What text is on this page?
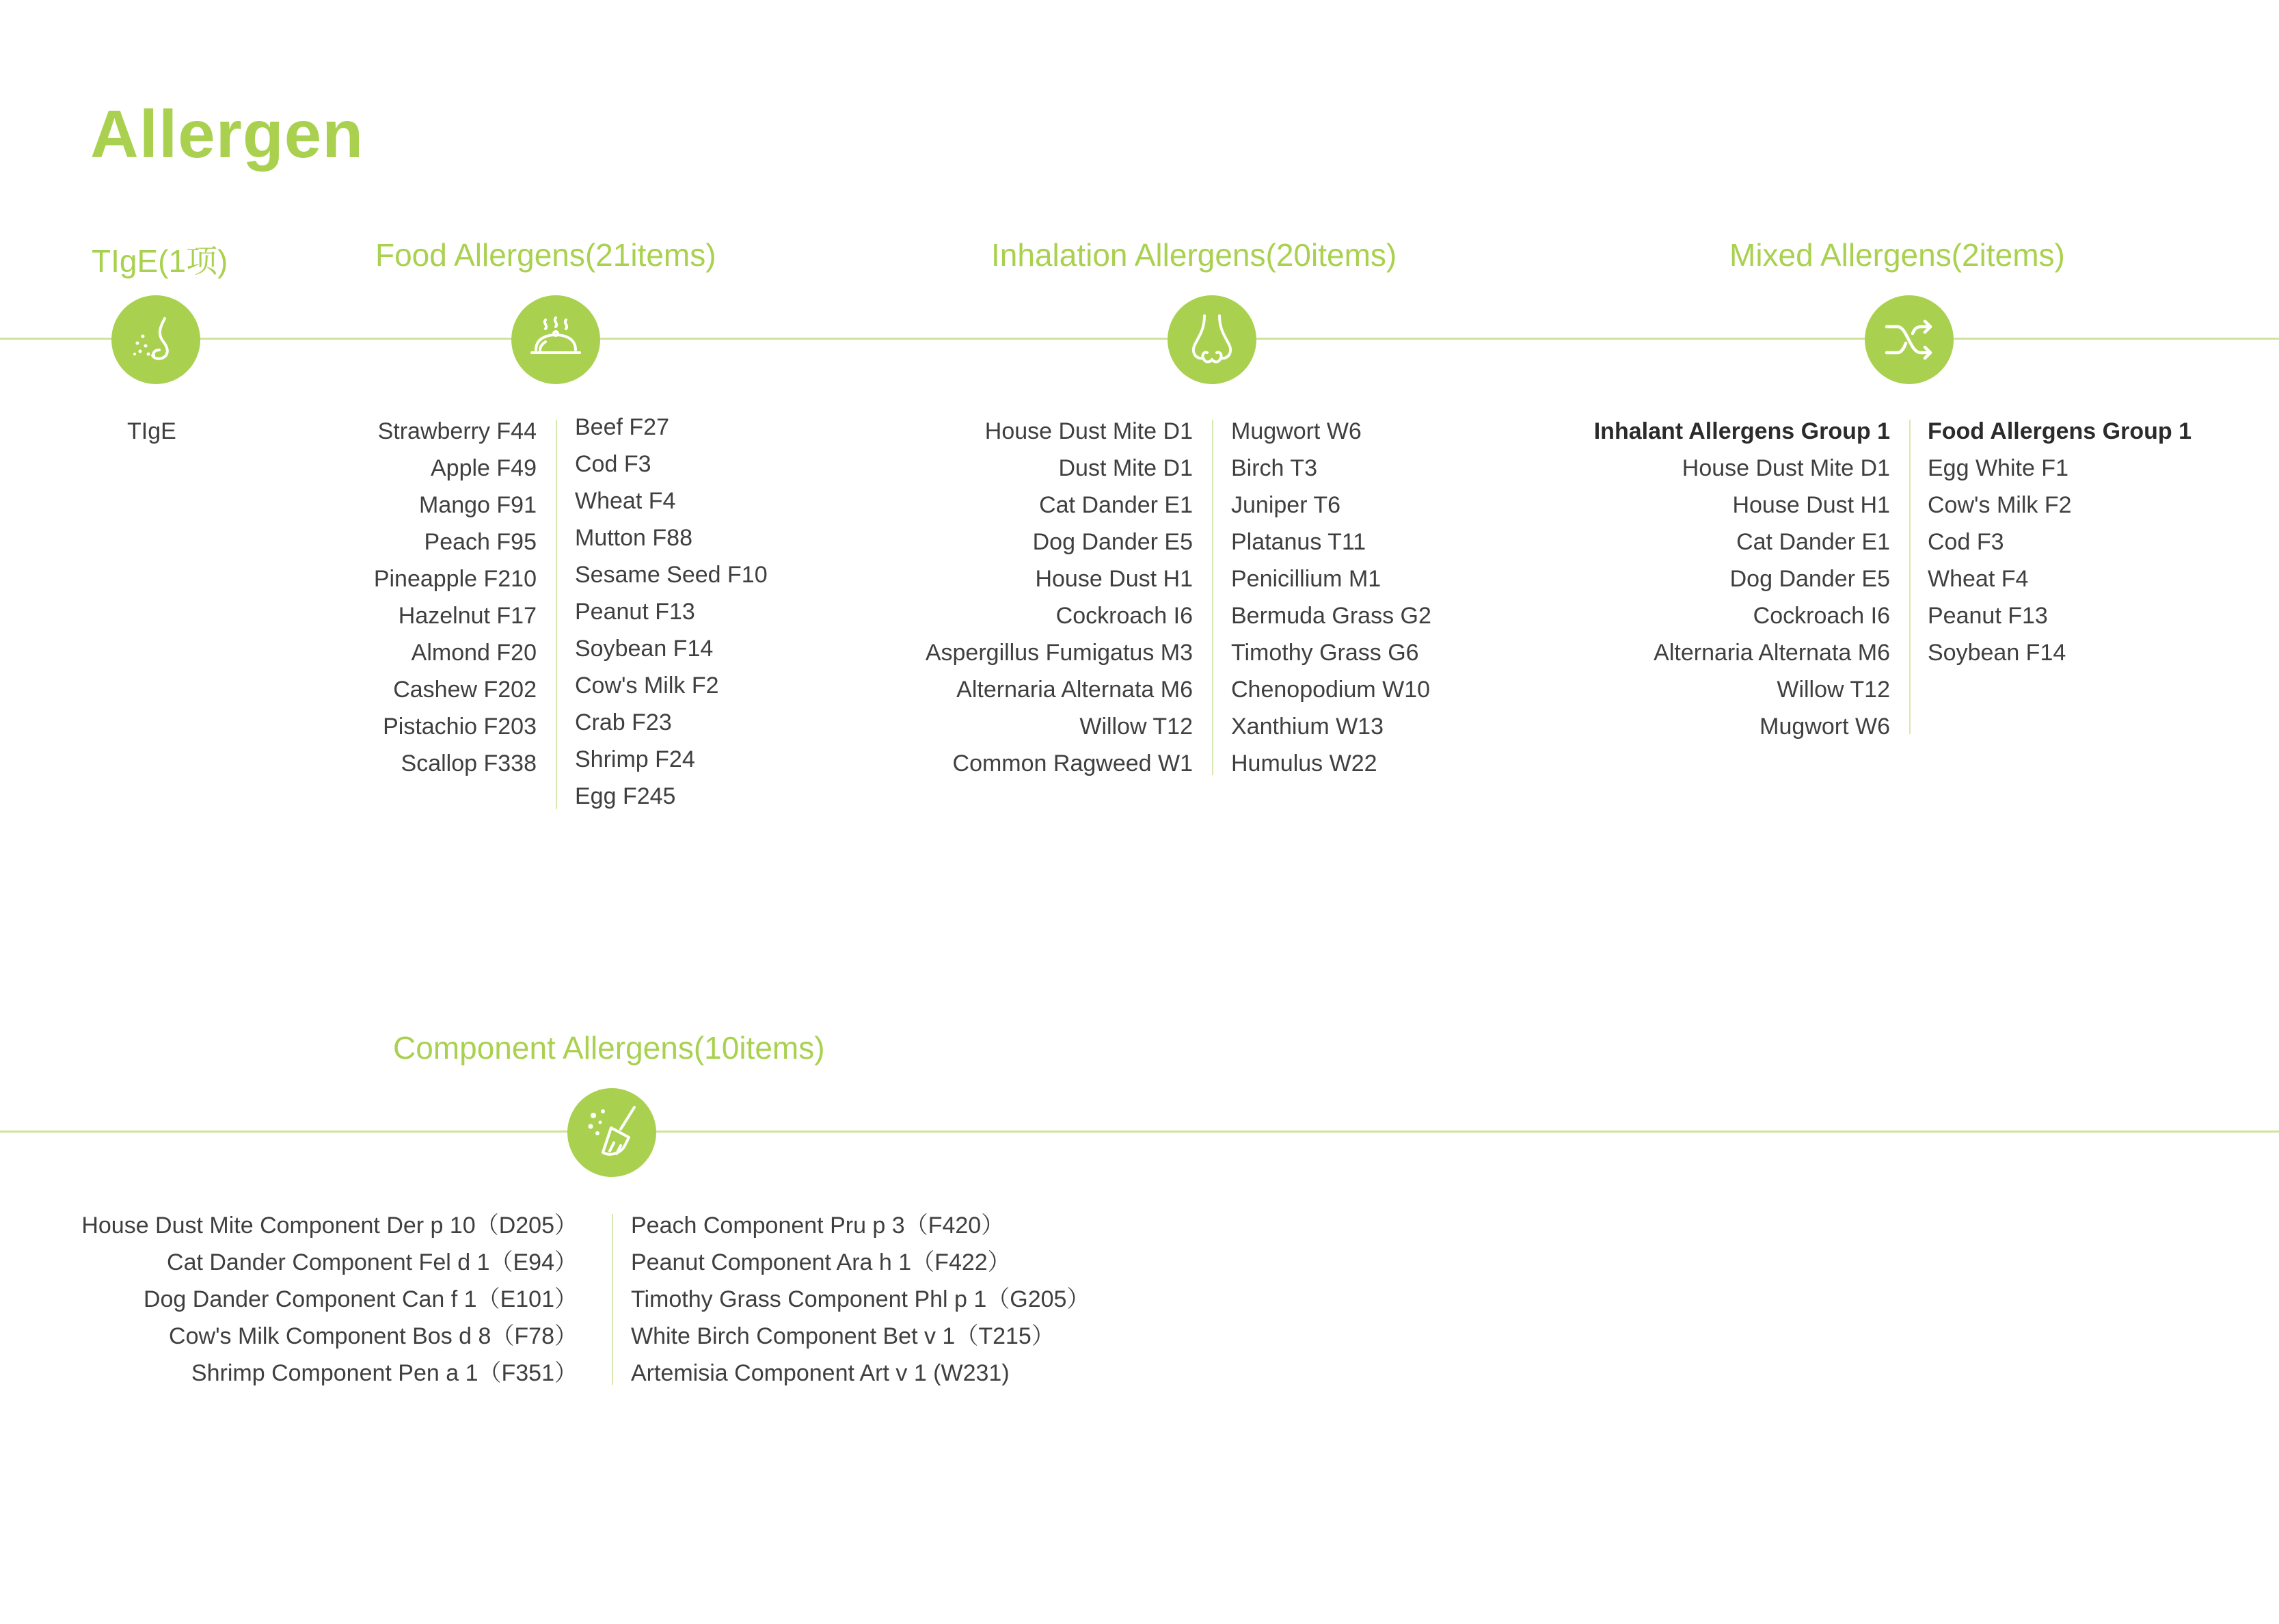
Allergen
TIgE(1项)
TIgE
Food Allergens(21items)
Strawberry F44
Apple F49
Mango F91
Peach F95
Pineapple F210
Hazelnut F17
Almond F20
Cashew F202
Pistachio F203
Scallop F338
Beef F27
Cod F3
Wheat F4
Mutton F88
Sesame Seed F10
Peanut F13
Soybean F14
Cow's Milk F2
Crab F23
Shrimp F24
Egg F245
Inhalation Allergens(20items)
House Dust Mite D1
Dust Mite D1
Cat Dander E1
Dog Dander E5
House Dust H1
Cockroach I6
Aspergillus Fumigatus M3
Alternaria Alternata M6
Willow T12
Common Ragweed W1
Mugwort W6
Birch T3
Juniper T6
Platanus T11
Penicillium M1
Bermuda Grass G2
Timothy Grass G6
Chenopodium W10
Xanthium W13
Humulus W22
Mixed Allergens(2items)
Inhalant Allergens Group 1
House Dust Mite D1
House Dust H1
Cat Dander E1
Dog Dander E5
Cockroach I6
Alternaria Alternata M6
Willow T12
Mugwort W6
Food Allergens Group 1
Egg White F1
Cow's Milk F2
Cod F3
Wheat F4
Peanut F13
Soybean F14
Component Allergens(10items)
House Dust Mite Component Der p 10（D205）
Cat Dander Component Fel d 1（E94）
Dog Dander Component Can f 1（E101）
Cow's Milk Component Bos d 8（F78）
Shrimp Component Pen a 1（F351）
Peach Component Pru p 3（F420）
Peanut Component Ara h 1（F422）
Timothy Grass Component Phl p 1（G205）
White Birch Component Bet v 1（T215）
Artemisia Component Art v 1 (W231)
